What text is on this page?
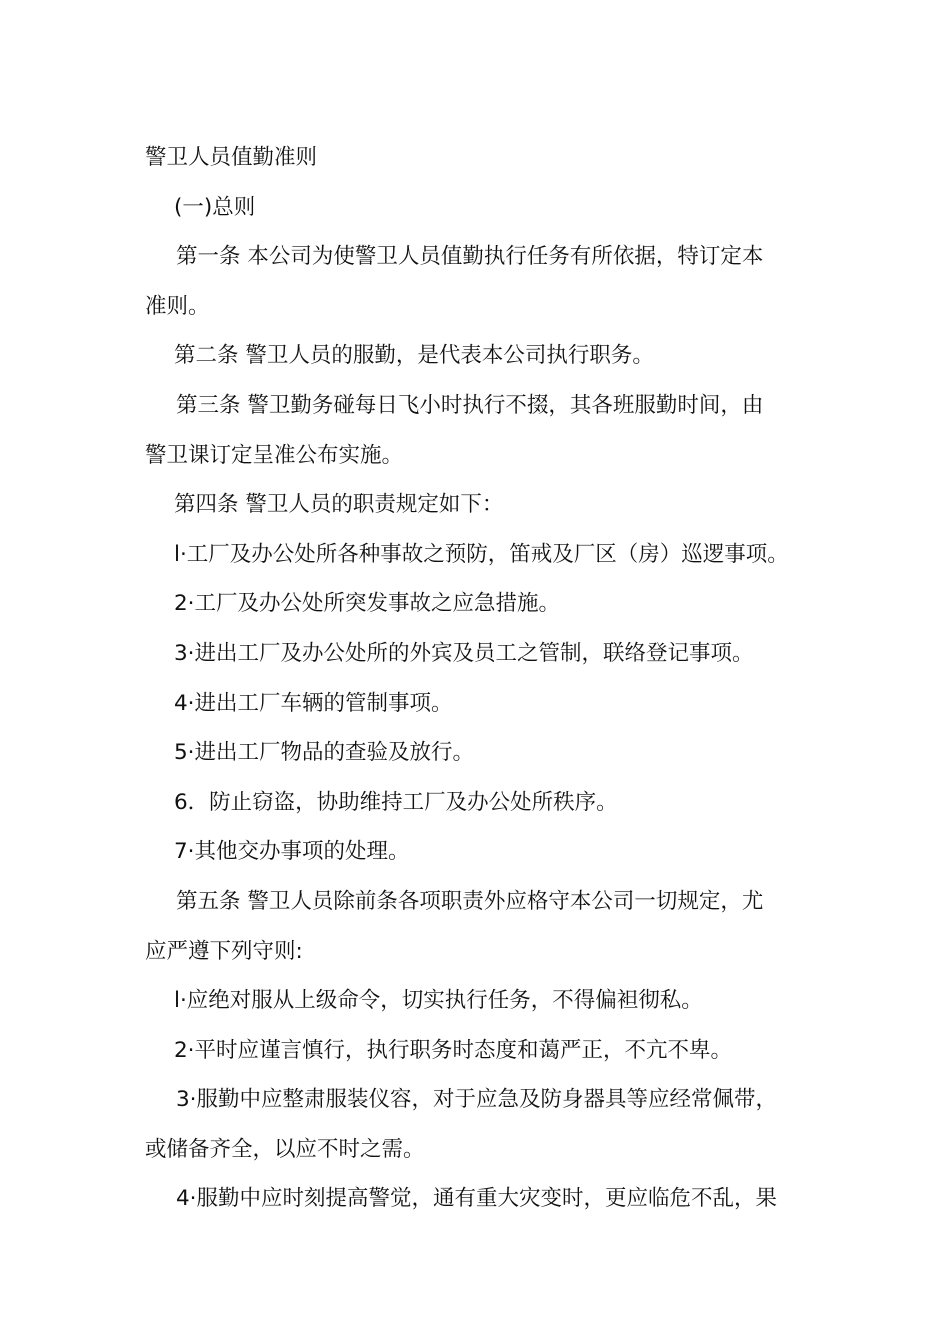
警卫人员值勤准则
(一)总则
第一条 本公司为使警卫人员值勤执行任务有所依据，特订定本
准则。
第二条 警卫人员的服勤，是代表本公司执行职务。
第三条 警卫勤务碰每日飞小时执行不掇，其各班服勤时间，由
警卫课订定呈准公布实施。
第四条 警卫人员的职责规定如下：
l·工厂及办公处所各种事故之预防，笛戒及厂区（房）巡逻事项。
2·工厂及办公处所突发事故之应急措施。
3·进出工厂及办公处所的外宾及员工之管制，联络登记事项。
4·进出工厂车辆的管制事项。
5·进出工厂物品的查验及放行。
6．防止窃盗，协助维持工厂及办公处所秩序。
7·其他交办事项的处理。
第五条 警卫人员除前条各项职责外应格守本公司一切规定，尤
应严遵下列守则:
l·应绝对服从上级命令，切实执行任务，不得偏袒彻私。
2·平时应谨言慎行，执行职务时态度和蔼严正，不亢不卑。
3·服勤中应整肃服装仪容，对于应急及防身器具等应经常佩带，
或储备齐全，以应不时之需。
4·服勤中应时刻提高警觉，通有重大灾变时，更应临危不乱，果
